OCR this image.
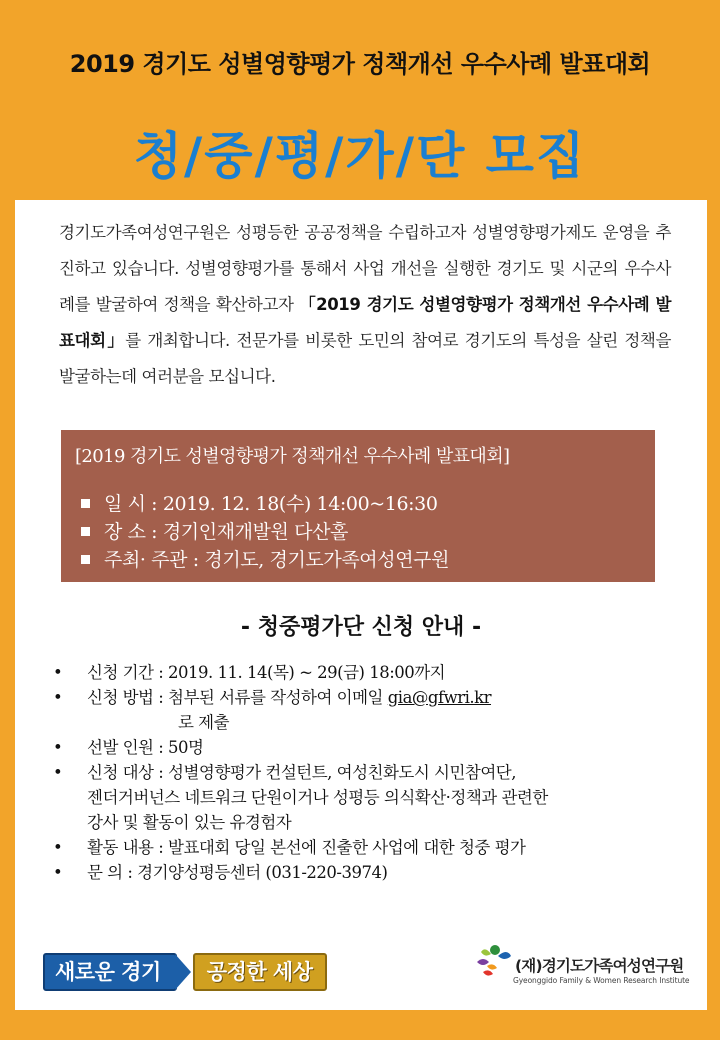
2019 경기도 성별영향평가 정책개선 우수사례 발표대회
청/중/평/가/단 모집
경기도가족여성연구원은 성평등한 공공정책을 수립하고자 성별영향평가제도 운영을 추진하고 있습니다. 성별영향평가를 통해서 사업 개선을 실행한 경기도 및 시군의 우수사례를 발굴하여 정책을 확산하고자 「2019 경기도 성별영향평가 정책개선 우수사례 발표대회」를 개최합니다. 전문가를 비롯한 도민의 참여로 경기도의 특성을 살린 정책을 발굴하는데 여러분을 모십니다.
[2019 경기도 성별영향평가 정책개선 우수사례 발표대회]
일 시 : 2019. 12. 18(수) 14:00~16:30
장 소 : 경기인재개발원 다산홀
주최· 주관 : 경기도, 경기도가족여성연구원
- 청중평가단 신청 안내 -
• 신청 기간 : 2019. 11. 14(목) ~ 29(금) 18:00까지
• 신청 방법 : 첨부된 서류를 작성하여 이메일 gia@gfwri.kr
로 제출
• 선발 인원 : 50명
• 신청 대상 : 성별영향평가 컨설턴트, 여성친화도시 시민참여단,
젠더거버넌스 네트워크 단원이거나 성평등 의식확산·정책과 관련한
강사 및 활동이 있는 유경험자
• 활동 내용 : 발표대회 당일 본선에 진출한 사업에 대한 청중 평가
• 문 의 : 경기양성평등센터 (031-220-3974)
새로운 경기	공정한 세상	(재)경기도가족여성연구원
Gyeonggido Family & Women Research Institute
